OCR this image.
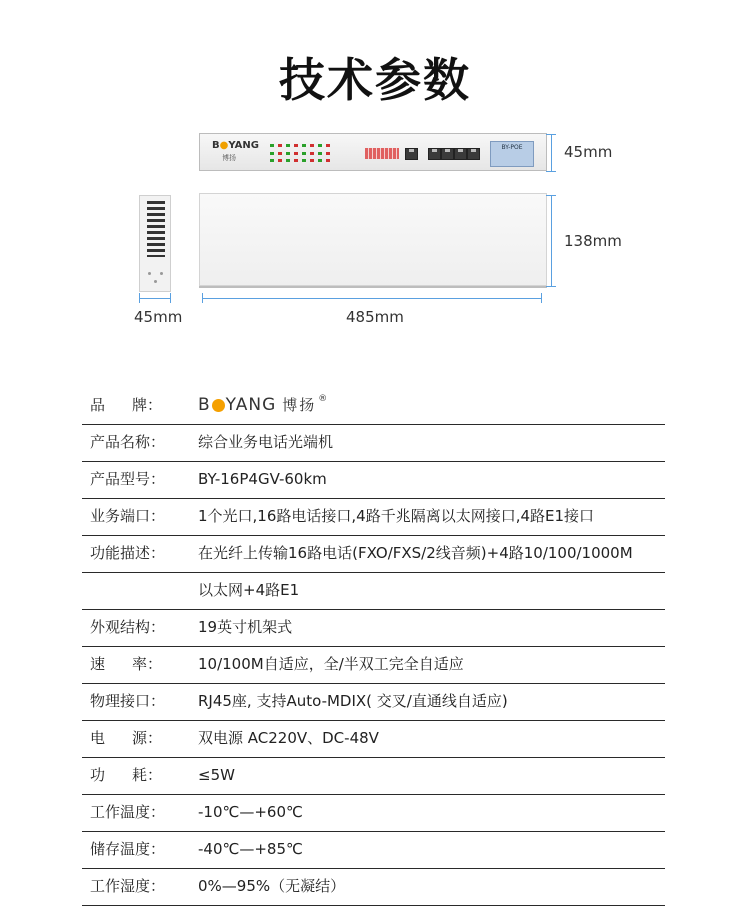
技术参数
B●YANG
博扬
BY-POE	45mm
138mm
45mm	485mm
品 牌： B YANG 博扬 ®
产品名称：	综合业务电话光端机
产品型号：	BY-16P4GV-60km
业务端口：	1个光口,16路电话接口,4路千兆隔离以太网接口,4路E1接口
功能描述：	在光纤上传输16路电话(FXO/FXS/2线音频)+4路10/100/1000M
以太网+4路E1
外观结构：	19英寸机架式
速 率： 10/100M自适应，全/半双工完全自适应
物理接口：	RJ45座, 支持Auto-MDIX( 交叉/直通线自适应)
电 源： 双电源 AC220V、DC-48V
功 耗： ≤5W
工作温度：	-10℃—+60℃
储存温度：	-40℃—+85℃
工作湿度：	0%—95%（无凝结）
